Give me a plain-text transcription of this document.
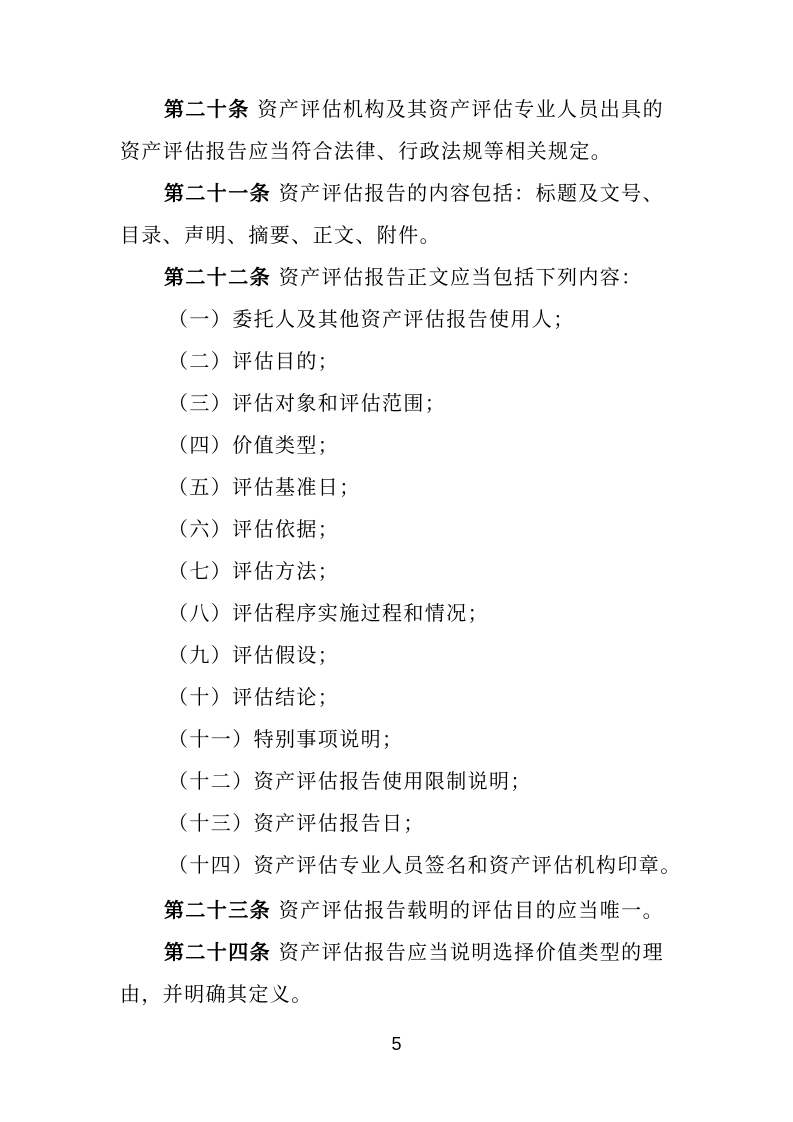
第二十条 资产评估机构及其资产评估专业人员出具的
资产评估报告应当符合法律、行政法规等相关规定。
第二十一条 资产评估报告的内容包括：标题及文号、
目录、声明、摘要、正文、附件。
第二十二条 资产评估报告正文应当包括下列内容：
（一）委托人及其他资产评估报告使用人；
（二）评估目的；
（三）评估对象和评估范围；
（四）价值类型；
（五）评估基准日；
（六）评估依据；
（七）评估方法；
（八）评估程序实施过程和情况；
（九）评估假设；
（十）评估结论；
（十一）特别事项说明；
（十二）资产评估报告使用限制说明；
（十三）资产评估报告日；
（十四）资产评估专业人员签名和资产评估机构印章。
第二十三条 资产评估报告载明的评估目的应当唯一。
第二十四条 资产评估报告应当说明选择价值类型的理
由，并明确其定义。
5
